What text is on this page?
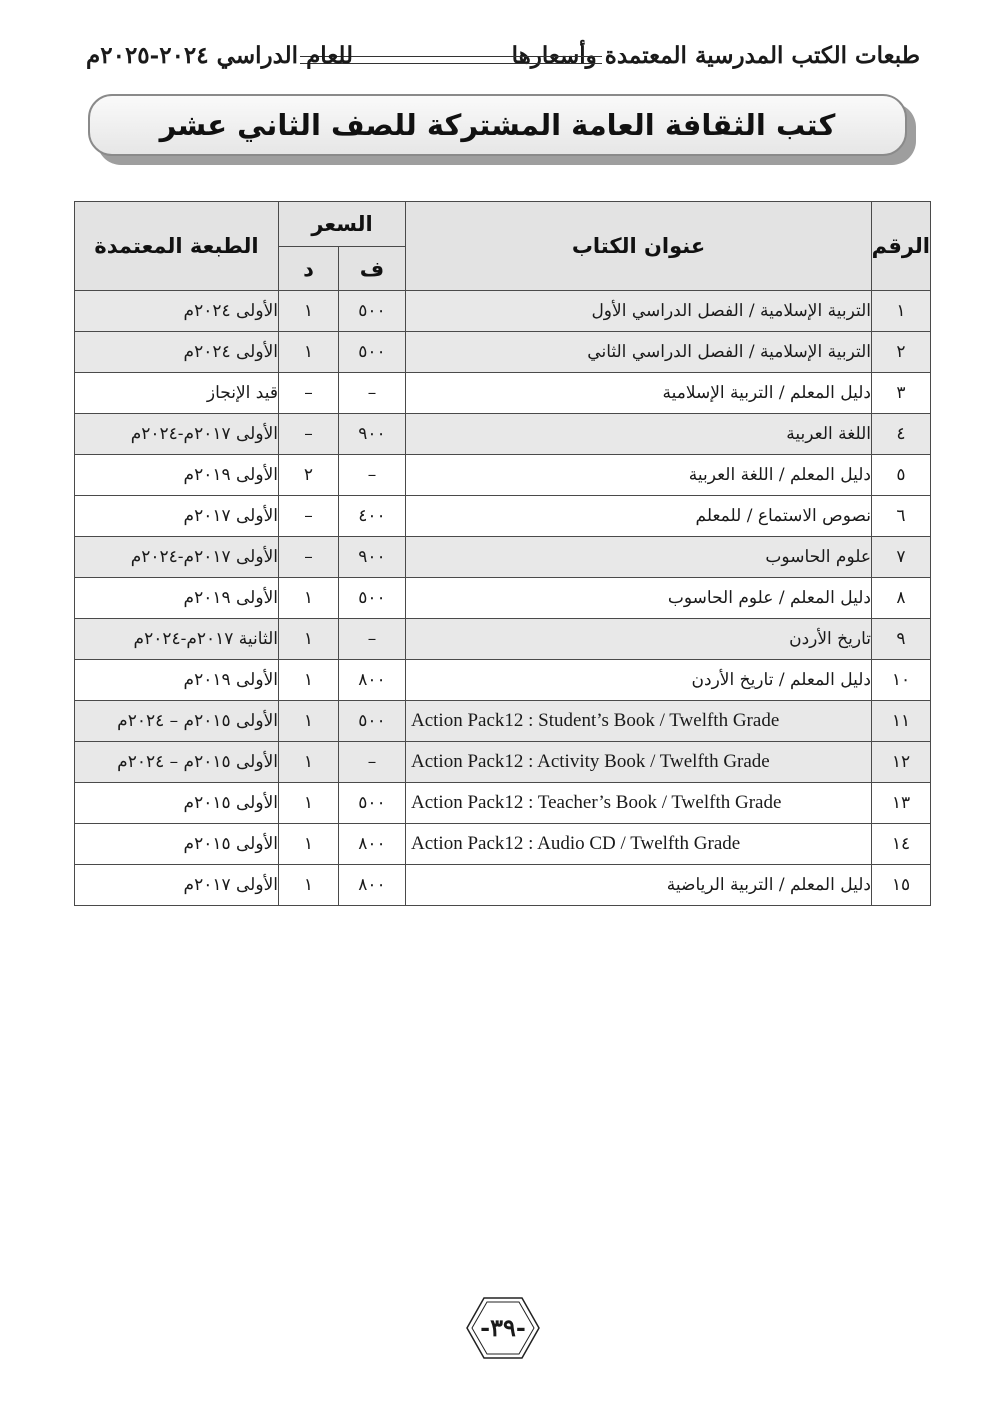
طبعات الكتب المدرسية المعتمدة وأسعارها
للعام الدراسي ٢٠٢٤-٢٠٢٥م
كتب الثقافة العامة المشتركة للصف الثاني عشر
الرقم	عنوان الكتاب	السعر		الطبعة المعتمدة
		ف	د	
١	التربية الإسلامية / الفصل الدراسي الأول	٥٠٠	١	الأولى ٢٠٢٤م
٢	التربية الإسلامية / الفصل الدراسي الثاني	٥٠٠	١	الأولى ٢٠٢٤م
٣	دليل المعلم / التربية الإسلامية	–	–	قيد الإنجاز
٤	اللغة العربية	٩٠٠	–	الأولى ٢٠١٧م-٢٠٢٤م
٥	دليل المعلم / اللغة العربية	–	٢	الأولى ٢٠١٩م
٦	نصوص الاستماع / للمعلم	٤٠٠	–	الأولى ٢٠١٧م
٧	علوم الحاسوب	٩٠٠	–	الأولى ٢٠١٧م-٢٠٢٤م
٨	دليل المعلم / علوم الحاسوب	٥٠٠	١	الأولى ٢٠١٩م
٩	تاريخ الأردن	–	١	الثانية ٢٠١٧م-٢٠٢٤م
١٠	دليل المعلم / تاريخ الأردن	٨٠٠	١	الأولى ٢٠١٩م
١١	Action Pack12 : Student’s Book / Twelfth Grade	٥٠٠	١	الأولى ٢٠١٥م – ٢٠٢٤م
١٢	Action Pack12 : Activity Book / Twelfth Grade	–	١	الأولى ٢٠١٥م – ٢٠٢٤م
١٣	Action Pack12 : Teacher’s Book / Twelfth Grade	٥٠٠	١	الأولى ٢٠١٥م
١٤	Action Pack12 : Audio CD / Twelfth Grade	٨٠٠	١	الأولى ٢٠١٥م
١٥	دليل المعلم / التربية الرياضية	٨٠٠	١	الأولى ٢٠١٧م
-٣٩-
